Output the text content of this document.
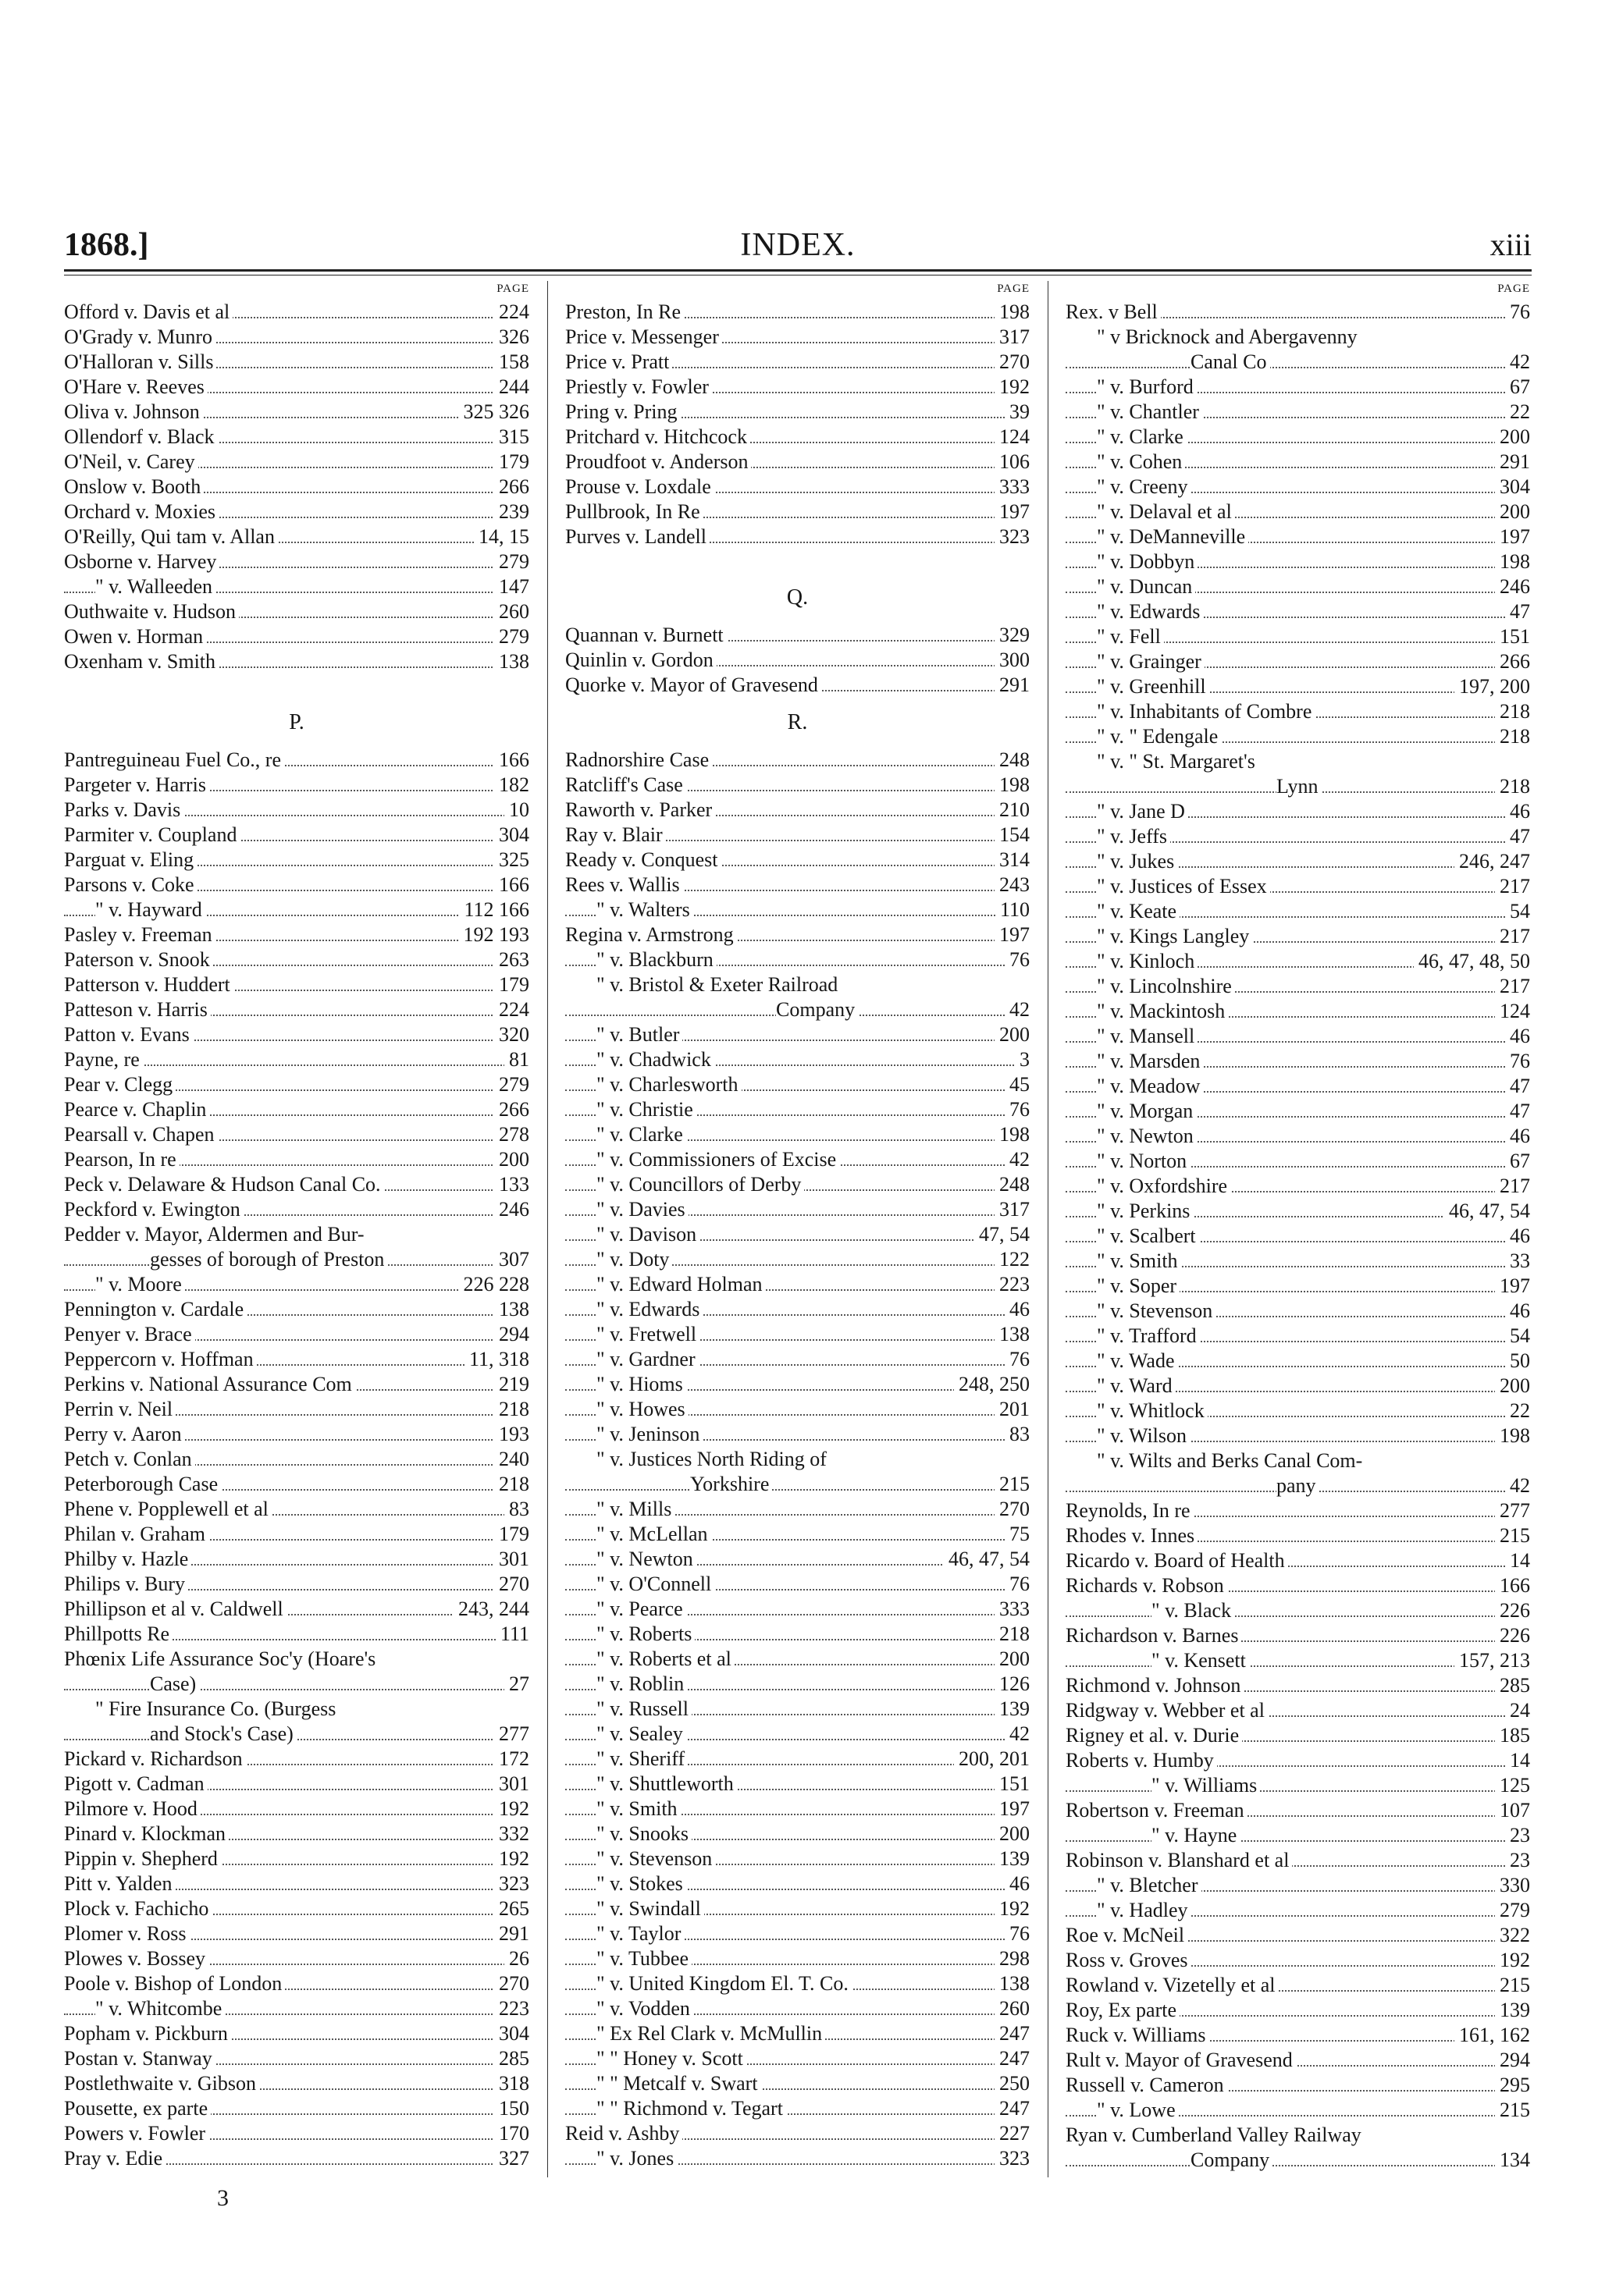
1868.]	INDEX.	xiii
PAGE
Offord v. Davis et al	224
O'Grady v. Munro	326
O'Halloran v. Sills	158
O'Hare v. Reeves	244
Oliva v. Johnson	325 326
Ollendorf v. Black	315
O'Neil, v. Carey	179
Onslow v. Booth	266
Orchard v. Moxies	239
O'Reilly, Qui tam v. Allan	14, 15
Osborne v. Harvey	279
" v. Walleeden	147
Outhwaite v. Hudson	260
Owen v. Horman	279
Oxenham v. Smith	138
P.
Pantreguineau Fuel Co., re	166
Pargeter v. Harris	182
Parks v. Davis	10
Parmiter v. Coupland	304
Parguat v. Eling	325
Parsons v. Coke	166
" v. Hayward	112 166
Pasley v. Freeman	192 193
Paterson v. Snook	263
Patterson v. Huddert	179
Patteson v. Harris	224
Patton v. Evans	320
Payne, re	81
Pear v. Clegg	279
Pearce v. Chaplin	266
Pearsall v. Chapen	278
Pearson, In re	200
Peck v. Delaware & Hudson Canal Co.	133
Peckford v. Ewington	246
Pedder v. Mayor, Aldermen and Bur-
gesses of borough of Preston	307
" v. Moore	226 228
Pennington v. Cardale	138
Penyer v. Brace	294
Peppercorn v. Hoffman	11, 318
Perkins v. National Assurance Com	219
Perrin v. Neil	218
Perry v. Aaron	193
Petch v. Conlan	240
Peterborough Case	218
Phene v. Popplewell et al	83
Philan v. Graham	179
Philby v. Hazle	301
Philips v. Bury	270
Phillipson et al v. Caldwell	243, 244
Phillpotts Re	111
Phœnix Life Assurance Soc'y (Hoare's
Case)	27
" Fire Insurance Co. (Burgess
and Stock's Case)	277
Pickard v. Richardson	172
Pigott v. Cadman	301
Pilmore v. Hood	192
Pinard v. Klockman	332
Pippin v. Shepherd	192
Pitt v. Yalden	323
Plock v. Fachicho	265
Plomer v. Ross	291
Plowes v. Bossey	26
Poole v. Bishop of London	270
" v. Whitcombe	223
Popham v. Pickburn	304
Postan v. Stanway	285
Postlethwaite v. Gibson	318
Pousette, ex parte	150
Powers v. Fowler	170
Pray v. Edie	327
PAGE
Preston, In Re	198
Price v. Messenger	317
Price v. Pratt	270
Priestly v. Fowler	192
Pring v. Pring	39
Pritchard v. Hitchcock	124
Proudfoot v. Anderson	106
Prouse v. Loxdale	333
Pullbrook, In Re	197
Purves v. Landell	323
Q.
Quannan v. Burnett	329
Quinlin v. Gordon	300
Quorke v. Mayor of Gravesend	291
R.
Radnorshire Case	248
Ratcliff's Case	198
Raworth v. Parker	210
Ray v. Blair	154
Ready v. Conquest	314
Rees v. Wallis	243
" v. Walters	110
Regina v. Armstrong	197
" v. Blackburn	76
" v. Bristol & Exeter Railroad
Company	42
" v. Butler	200
" v. Chadwick	3
" v. Charlesworth	45
" v. Christie	76
" v. Clarke	198
" v. Commissioners of Excise	42
" v. Councillors of Derby	248
" v. Davies	317
" v. Davison	47, 54
" v. Doty	122
" v. Edward Holman	223
" v. Edwards	46
" v. Fretwell	138
" v. Gardner	76
" v. Hioms	248, 250
" v. Howes	201
" v. Jeninson	83
" v. Justices North Riding of
Yorkshire	215
" v. Mills	270
" v. McLellan	75
" v. Newton	46, 47, 54
" v. O'Connell	76
" v. Pearce	333
" v. Roberts	218
" v. Roberts et al	200
" v. Roblin	126
" v. Russell	139
" v. Sealey	42
" v. Sheriff	200, 201
" v. Shuttleworth	151
" v. Smith	197
" v. Snooks	200
" v. Stevenson	139
" v. Stokes	46
" v. Swindall	192
" v. Taylor	76
" v. Tubbee	298
" v. United Kingdom El. T. Co.	138
" v. Vodden	260
" Ex Rel Clark v. McMullin	247
" " Honey v. Scott	247
" " Metcalf v. Swart	250
" " Richmond v. Tegart	247
Reid v. Ashby	227
" v. Jones	323
PAGE
Rex. v Bell	76
" v Bricknock and Abergavenny
Canal Co	42
" v. Burford	67
" v. Chantler	22
" v. Clarke	200
" v. Cohen	291
" v. Creeny	304
" v. Delaval et al	200
" v. DeManneville	197
" v. Dobbyn	198
" v. Duncan	246
" v. Edwards	47
" v. Fell	151
" v. Grainger	266
" v. Greenhill	197, 200
" v. Inhabitants of Combre	218
" v. " Edengale	218
" v. " St. Margaret's
Lynn	218
" v. Jane D	46
" v. Jeffs	47
" v. Jukes	246, 247
" v. Justices of Essex	217
" v. Keate	54
" v. Kings Langley	217
" v. Kinloch	46, 47, 48, 50
" v. Lincolnshire	217
" v. Mackintosh	124
" v. Mansell	46
" v. Marsden	76
" v. Meadow	47
" v. Morgan	47
" v. Newton	46
" v. Norton	67
" v. Oxfordshire	217
" v. Perkins	46, 47, 54
" v. Scalbert	46
" v. Smith	33
" v. Soper	197
" v. Stevenson	46
" v. Trafford	54
" v. Wade	50
" v. Ward	200
" v. Whitlock	22
" v. Wilson	198
" v. Wilts and Berks Canal Com-
pany	42
Reynolds, In re	277
Rhodes v. Innes	215
Ricardo v. Board of Health	14
Richards v. Robson	166
" v. Black	226
Richardson v. Barnes	226
" v. Kensett	157, 213
Richmond v. Johnson	285
Ridgway v. Webber et al	24
Rigney et al. v. Durie	185
Roberts v. Humby	14
" v. Williams	125
Robertson v. Freeman	107
" v. Hayne	23
Robinson v. Blanshard et al	23
" v. Bletcher	330
" v. Hadley	279
Roe v. McNeil	322
Ross v. Groves	192
Rowland v. Vizetelly et al	215
Roy, Ex parte	139
Ruck v. Williams	161, 162
Rult v. Mayor of Gravesend	294
Russell v. Cameron	295
" v. Lowe	215
Ryan v. Cumberland Valley Railway
Company	134
3
